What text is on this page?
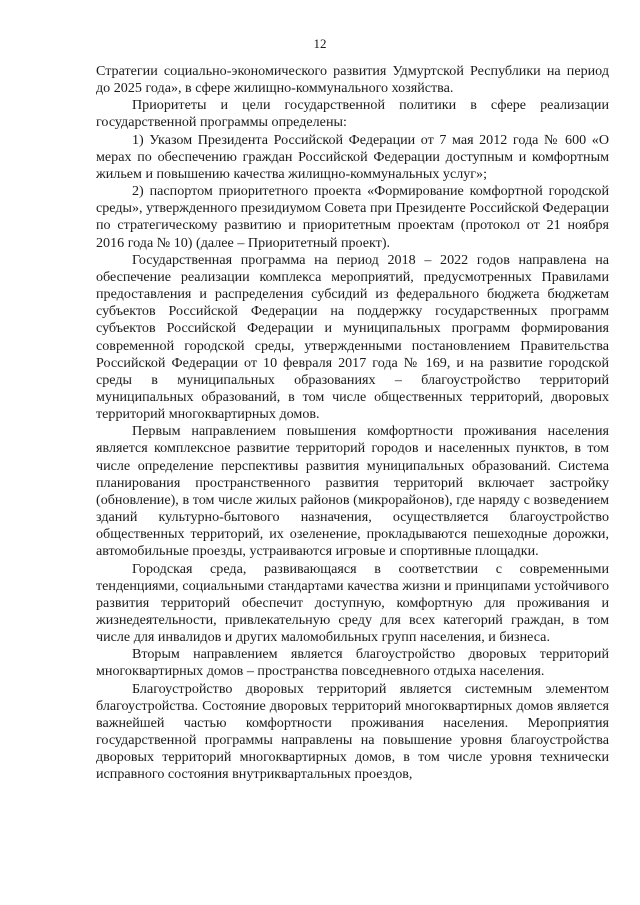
12

Стратегии социально-экономического развития Удмуртской Республики на период до 2025 года», в сфере жилищно-коммунального хозяйства.

Приоритеты и цели государственной политики в сфере реализации государственной программы определены:

1) Указом Президента Российской Федерации от 7 мая 2012 года № 600 «О мерах по обеспечению граждан Российской Федерации доступным и комфортным жильем и повышению качества жилищно-коммунальных услуг»;

2) паспортом приоритетного проекта «Формирование комфортной городской среды», утвержденного президиумом Совета при Президенте Российской Федерации по стратегическому развитию и приоритетным проектам (протокол от 21 ноября 2016 года № 10) (далее – Приоритетный проект).

Государственная программа на период 2018 – 2022 годов направлена на обеспечение реализации комплекса мероприятий, предусмотренных Правилами предоставления и распределения субсидий из федерального бюджета бюджетам субъектов Российской Федерации на поддержку государственных программ субъектов Российской Федерации и муниципальных программ формирования современной городской среды, утвержденными постановлением Правительства Российской Федерации от 10 февраля 2017 года № 169, и на развитие городской среды в муниципальных образованиях – благоустройство территорий муниципальных образований, в том числе общественных территорий, дворовых территорий многоквартирных домов.

Первым направлением повышения комфортности проживания населения является комплексное развитие территорий городов и населенных пунктов, в том числе определение перспективы развития муниципальных образований. Система планирования пространственного развития территорий включает застройку (обновление), в том числе жилых районов (микрорайонов), где наряду с возведением зданий культурно-бытового назначения, осуществляется благоустройство общественных территорий, их озеленение, прокладываются пешеходные дорожки, автомобильные проезды, устраиваются игровые и спортивные площадки.

Городская среда, развивающаяся в соответствии с современными тенденциями, социальными стандартами качества жизни и принципами устойчивого развития территорий обеспечит доступную, комфортную для проживания и жизнедеятельности, привлекательную среду для всех категорий граждан, в том числе для инвалидов и других маломобильных групп населения, и бизнеса.

Вторым направлением является благоустройство дворовых территорий многоквартирных домов – пространства повседневного отдыха населения.

Благоустройство дворовых территорий является системным элементом благоустройства. Состояние дворовых территорий многоквартирных домов является важнейшей частью комфортности проживания населения. Мероприятия государственной программы направлены на повышение уровня благоустройства дворовых территорий многоквартирных домов, в том числе уровня технически исправного состояния внутриквартальных проездов,
